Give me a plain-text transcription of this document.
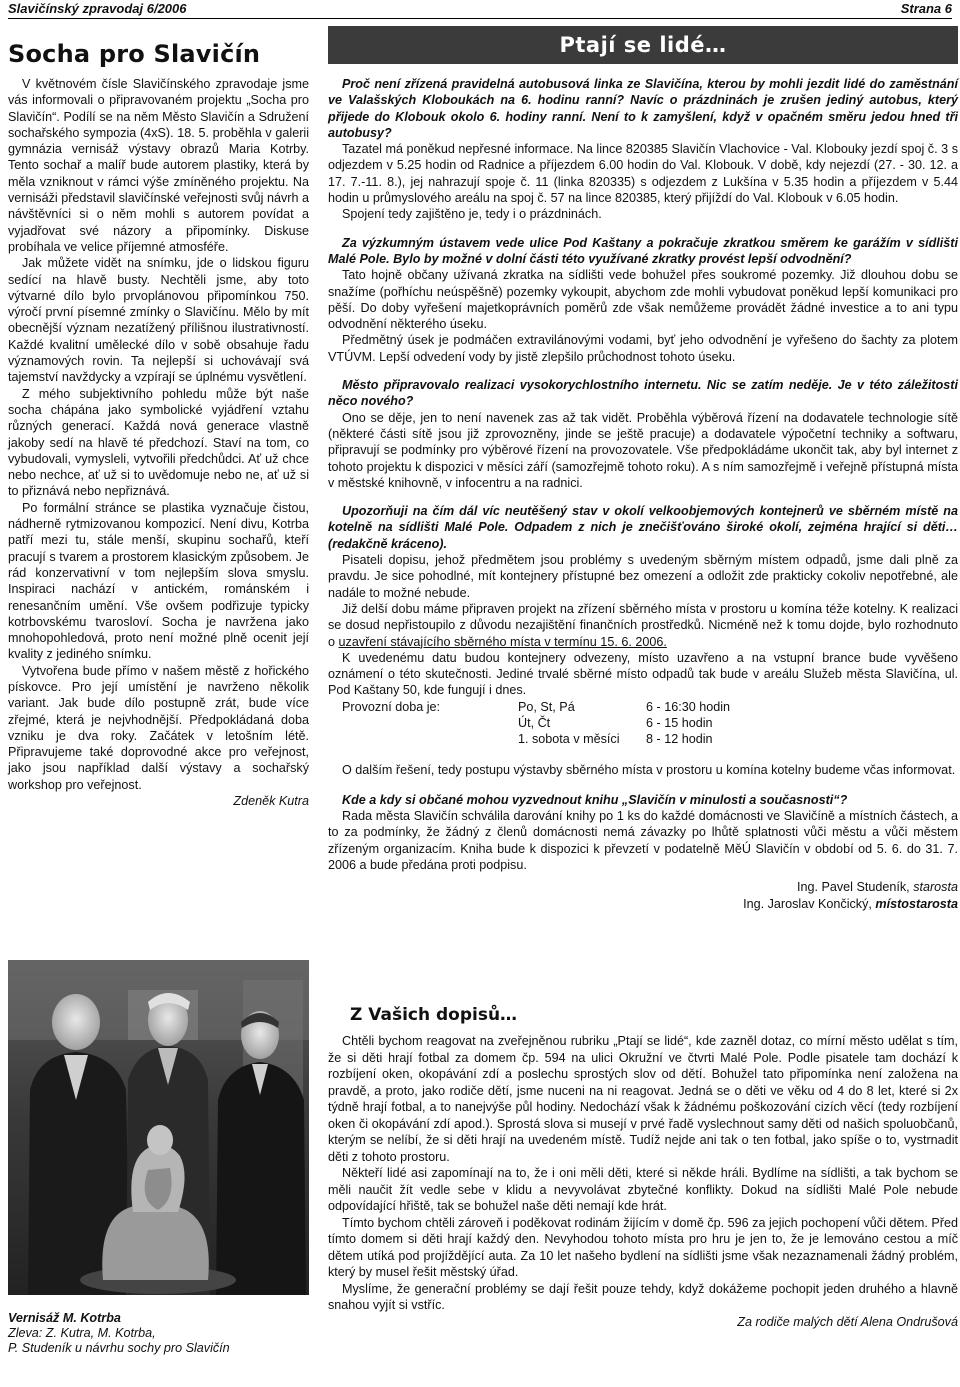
Slavičínský zpravodaj 6/2006	Strana 6
Socha pro Slavičín

V květnovém čísle Slavičínského zpravodaje jsme vás informovali o připravovaném projektu „Socha pro Slavičín“. Podílí se na něm Město Slavičín a Sdružení sochařského sympozia (4xS). 18. 5. proběhla v galerii gymnázia vernisáž výstavy obrazů Maria Kotrby. Tento sochař a malíř bude autorem plastiky, která by měla vzniknout v rámci výše zmíněného projektu. Na vernisáži představil slavičínské veřejnosti svůj návrh a návštěvníci si o něm mohli s autorem povídat a vyjadřovat své názory a připomínky. Diskuse probíhala ve velice příjemné atmosféře.

Jak můžete vidět na snímku, jde o lidskou figuru sedící na hlavě busty. Nechtěli jsme, aby toto výtvarné dílo bylo prvoplánovou připomínkou 750. výročí první písemné zmínky o Slavičínu. Mělo by mít obecnější význam nezatížený přílišnou ilustrativností. Každé kvalitní umělecké dílo v sobě obsahuje řadu významových rovin. Ta nejlepší si uchovávají svá tajemství navždycky a vzpírají se úplnému vysvětlení.

Z mého subjektivního pohledu může být naše socha chápána jako symbolické vyjádření vztahu různých generací. Každá nová generace vlastně jakoby sedí na hlavě té předchozí. Staví na tom, co vybudovali, vymysleli, vytvořili předchůdci. Ať už chce nebo nechce, ať už si to uvědomuje nebo ne, ať už si to přiznává nebo nepřiznává.

Po formální stránce se plastika vyznačuje čistou, nádherně rytmizovanou kompozicí. Není divu, Kotrba patří mezi tu, stále menší, skupinu sochařů, kteří pracují s tvarem a prostorem klasickým způsobem. Je rád konzervativní v tom nejlepším slova smyslu. Inspiraci nachází v antickém, románském i renesančním umění. Vše ovšem podřizuje typicky kotrbovskému tvarosloví. Socha je navržena jako mnohopohledová, proto není možné plně ocenit její kvality z jediného snímku.

Vytvořena bude přímo v našem městě z hořického pískovce. Pro její umístění je navrženo několik variant. Jak bude dílo postupně zrát, bude více zřejmé, která je nejvhodnější. Předpokládaná doba vzniku je dva roky. Začátek v letošním létě. Připravujeme také doprovodné akce pro veřejnost, jako jsou například další výstavy a sochařský workshop pro veřejnost.

Zdeněk Kutra

Vernisáž M. Kotrba
Zleva: Z. Kutra, M. Kotrba,
P. Studeník u návrhu sochy pro Slavičín
Ptají se lidé…

Proč není zřízená pravidelná autobusová linka ze Slavičína, kterou by mohli jezdit lidé do zaměstnání ve Valašských Kloboukách na 6. hodinu ranní? Navíc o prázdninách je zrušen jediný autobus, který přijede do Klobouk okolo 6. hodiny ranní. Není to k zamyšlení, když v opačném směru jedou hned tři autobusy?

Tazatel má poněkud nepřesné informace. Na lince 820385 Slavičín Vlachovice - Val. Klobouky jezdí spoj č. 3 s odjezdem v 5.25 hodin od Radnice a příjezdem 6.00 hodin do Val. Klobouk. V době, kdy nejezdí (27. - 30. 12. a 17. 7.-11. 8.), jej nahrazují spoje č. 11 (linka 820335) s odjezdem z Lukšína v 5.35 hodin a příjezdem v 5.44 hodin u průmyslového areálu na spoj č. 57 na lince 820385, který přijíždí do Val. Klobouk v 6.05 hodin.

Spojení tedy zajištěno je, tedy i o prázdninách.

Za výzkumným ústavem vede ulice Pod Kaštany a pokračuje zkratkou směrem ke garážím v sídlišti Malé Pole. Bylo by možné v dolní části této využívané zkratky provést lepší odvodnění?

Tato hojně občany užívaná zkratka na sídlišti vede bohužel přes soukromé pozemky. Již dlouhou dobu se snažíme (pořhíchu neúspěšně) pozemky vykoupit, abychom zde mohli vybudovat poněkud lepší komunikaci pro pěší. Do doby vyřešení majetkoprávních poměrů zde však nemůžeme provádět žádné investice a to ani typu odvodnění některého úseku.

Předmětný úsek je podmáčen extravilánovými vodami, byť jeho odvodnění je vyřešeno do šachty za plotem VTÚVM. Lepší odvedení vody by jistě zlepšilo průchodnost tohoto úseku.

Město připravovalo realizaci vysokorychlostního internetu. Nic se zatím neděje. Je v této záležitosti něco nového?

Ono se děje, jen to není navenek zas až tak vidět. Proběhla výběrová řízení na dodavatele technologie sítě (některé části sítě jsou již zprovozněny, jinde se ještě pracuje) a dodavatele výpočetní techniky a softwaru, připravují se podmínky pro výběrové řízení na provozovatele. Vše předpokládáme ukončit tak, aby byl internet z tohoto projektu k dispozici v měsíci září (samozřejmě tohoto roku). A s ním samozřejmě i veřejně přístupná místa v městské knihovně, v infocentru a na radnici.

Upozorňuji na čím dál víc neutěšený stav v okolí velkoobjemových kontejnerů ve sběrném místě na kotelně na sídlišti Malé Pole. Odpadem z nich je znečišťováno široké okolí, zejména hrající si děti… (redakčně kráceno).

Pisateli dopisu, jehož předmětem jsou problémy s uvedeným sběrným místem odpadů, jsme dali plně za pravdu. Je sice pohodlné, mít kontejnery přístupné bez omezení a odložit zde prakticky cokoliv nepotřebné, ale nadále to možné nebude.

Již delší dobu máme připraven projekt na zřízení sběrného místa v prostoru u komína téže kotelny. K realizaci se dosud nepřistoupilo z důvodu nezajištění finančních prostředků. Nicméně než k tomu dojde, bylo rozhodnuto o uzavření stávajícího sběrného místa v termínu 15. 6. 2006.

K uvedenému datu budou kontejnery odvezeny, místo uzavřeno a na vstupní brance bude vyvěšeno oznámení o této skutečnosti. Jediné trvalé sběrné místo odpadů tak bude v areálu Služeb města Slavičína, ul. Pod Kaštany 50, kde fungují i dnes.

Provozní doba je:	Po, St, Pá	6 - 16:30 hodin
	Út, Čt	6 - 15 hodin
	1. sobota v měsíci	8 - 12 hodin

O dalším řešení, tedy postupu výstavby sběrného místa v prostoru u komína kotelny budeme včas informovat.

Kde a kdy si občané mohou vyzvednout knihu „Slavičín v minulosti a současnosti“?

Rada města Slavičín schválila darování knihy po 1 ks do každé domácnosti ve Slavičíně a místních částech, a to za podmínky, že žádný z členů domácnosti nemá závazky po lhůtě splatnosti vůči městu a vůči městem zřízeným organizacím. Kniha bude k dispozici k převzetí v podatelně MěÚ Slavičín v období od 5. 6. do 31. 7. 2006 a bude předána proti podpisu.

Ing. Pavel Studeník, starosta

Ing. Jaroslav Končický, místostarosta

Z Vašich dopisů…

Chtěli bychom reagovat na zveřejněnou rubriku „Ptají se lidé“, kde zazněl dotaz, co mírní město udělat s tím, že si děti hrají fotbal za domem čp. 594 na ulici Okružní ve čtvrti Malé Pole. Podle pisatele tam dochází k rozbíjení oken, okopávání zdí a poslechu sprostých slov od dětí. Bohužel tato připomínka není založena na pravdě, a proto, jako rodiče dětí, jsme nuceni na ni reagovat. Jedná se o děti ve věku od 4 do 8 let, které si 2x týdně hrají fotbal, a to nanejvýše půl hodiny. Nedochází však k žádnému poškozování cizích věcí (tedy rozbíjení oken či okopávání zdí apod.). Sprostá slova si musejí v prvé řadě vyslechnout samy děti od našich spoluobčanů, kterým se nelíbí, že si děti hrají na uvedeném místě. Tudíž nejde ani tak o ten fotbal, jako spíše o to, vystrnadit děti z tohoto prostoru.

Někteří lidé asi zapomínají na to, že i oni měli děti, které si někde hráli. Bydlíme na sídlišti, a tak bychom se měli naučit žít vedle sebe v klidu a nevyvolávat zbytečné konflikty. Dokud na sídlišti Malé Pole nebude odpovídající hřiště, tak se bohužel naše děti nemají kde hrát.

Tímto bychom chtěli zároveň i poděkovat rodinám žijícím v domě čp. 596 za jejich pochopení vůči dětem. Před tímto domem si děti hrají každý den. Nevyhodou tohoto místa pro hru je jen to, že je lemováno cestou a míč dětem utíká pod projíždějící auta. Za 10 let našeho bydlení na sídlišti jsme však nezaznamenali žádný problém, který by musel řešit městský úřad.

Myslíme, že generační problémy se dají řešit pouze tehdy, když dokážeme pochopit jeden druhého a hlavně snahou vyjít si vstříc.

Za rodiče malých dětí Alena Ondrušová
